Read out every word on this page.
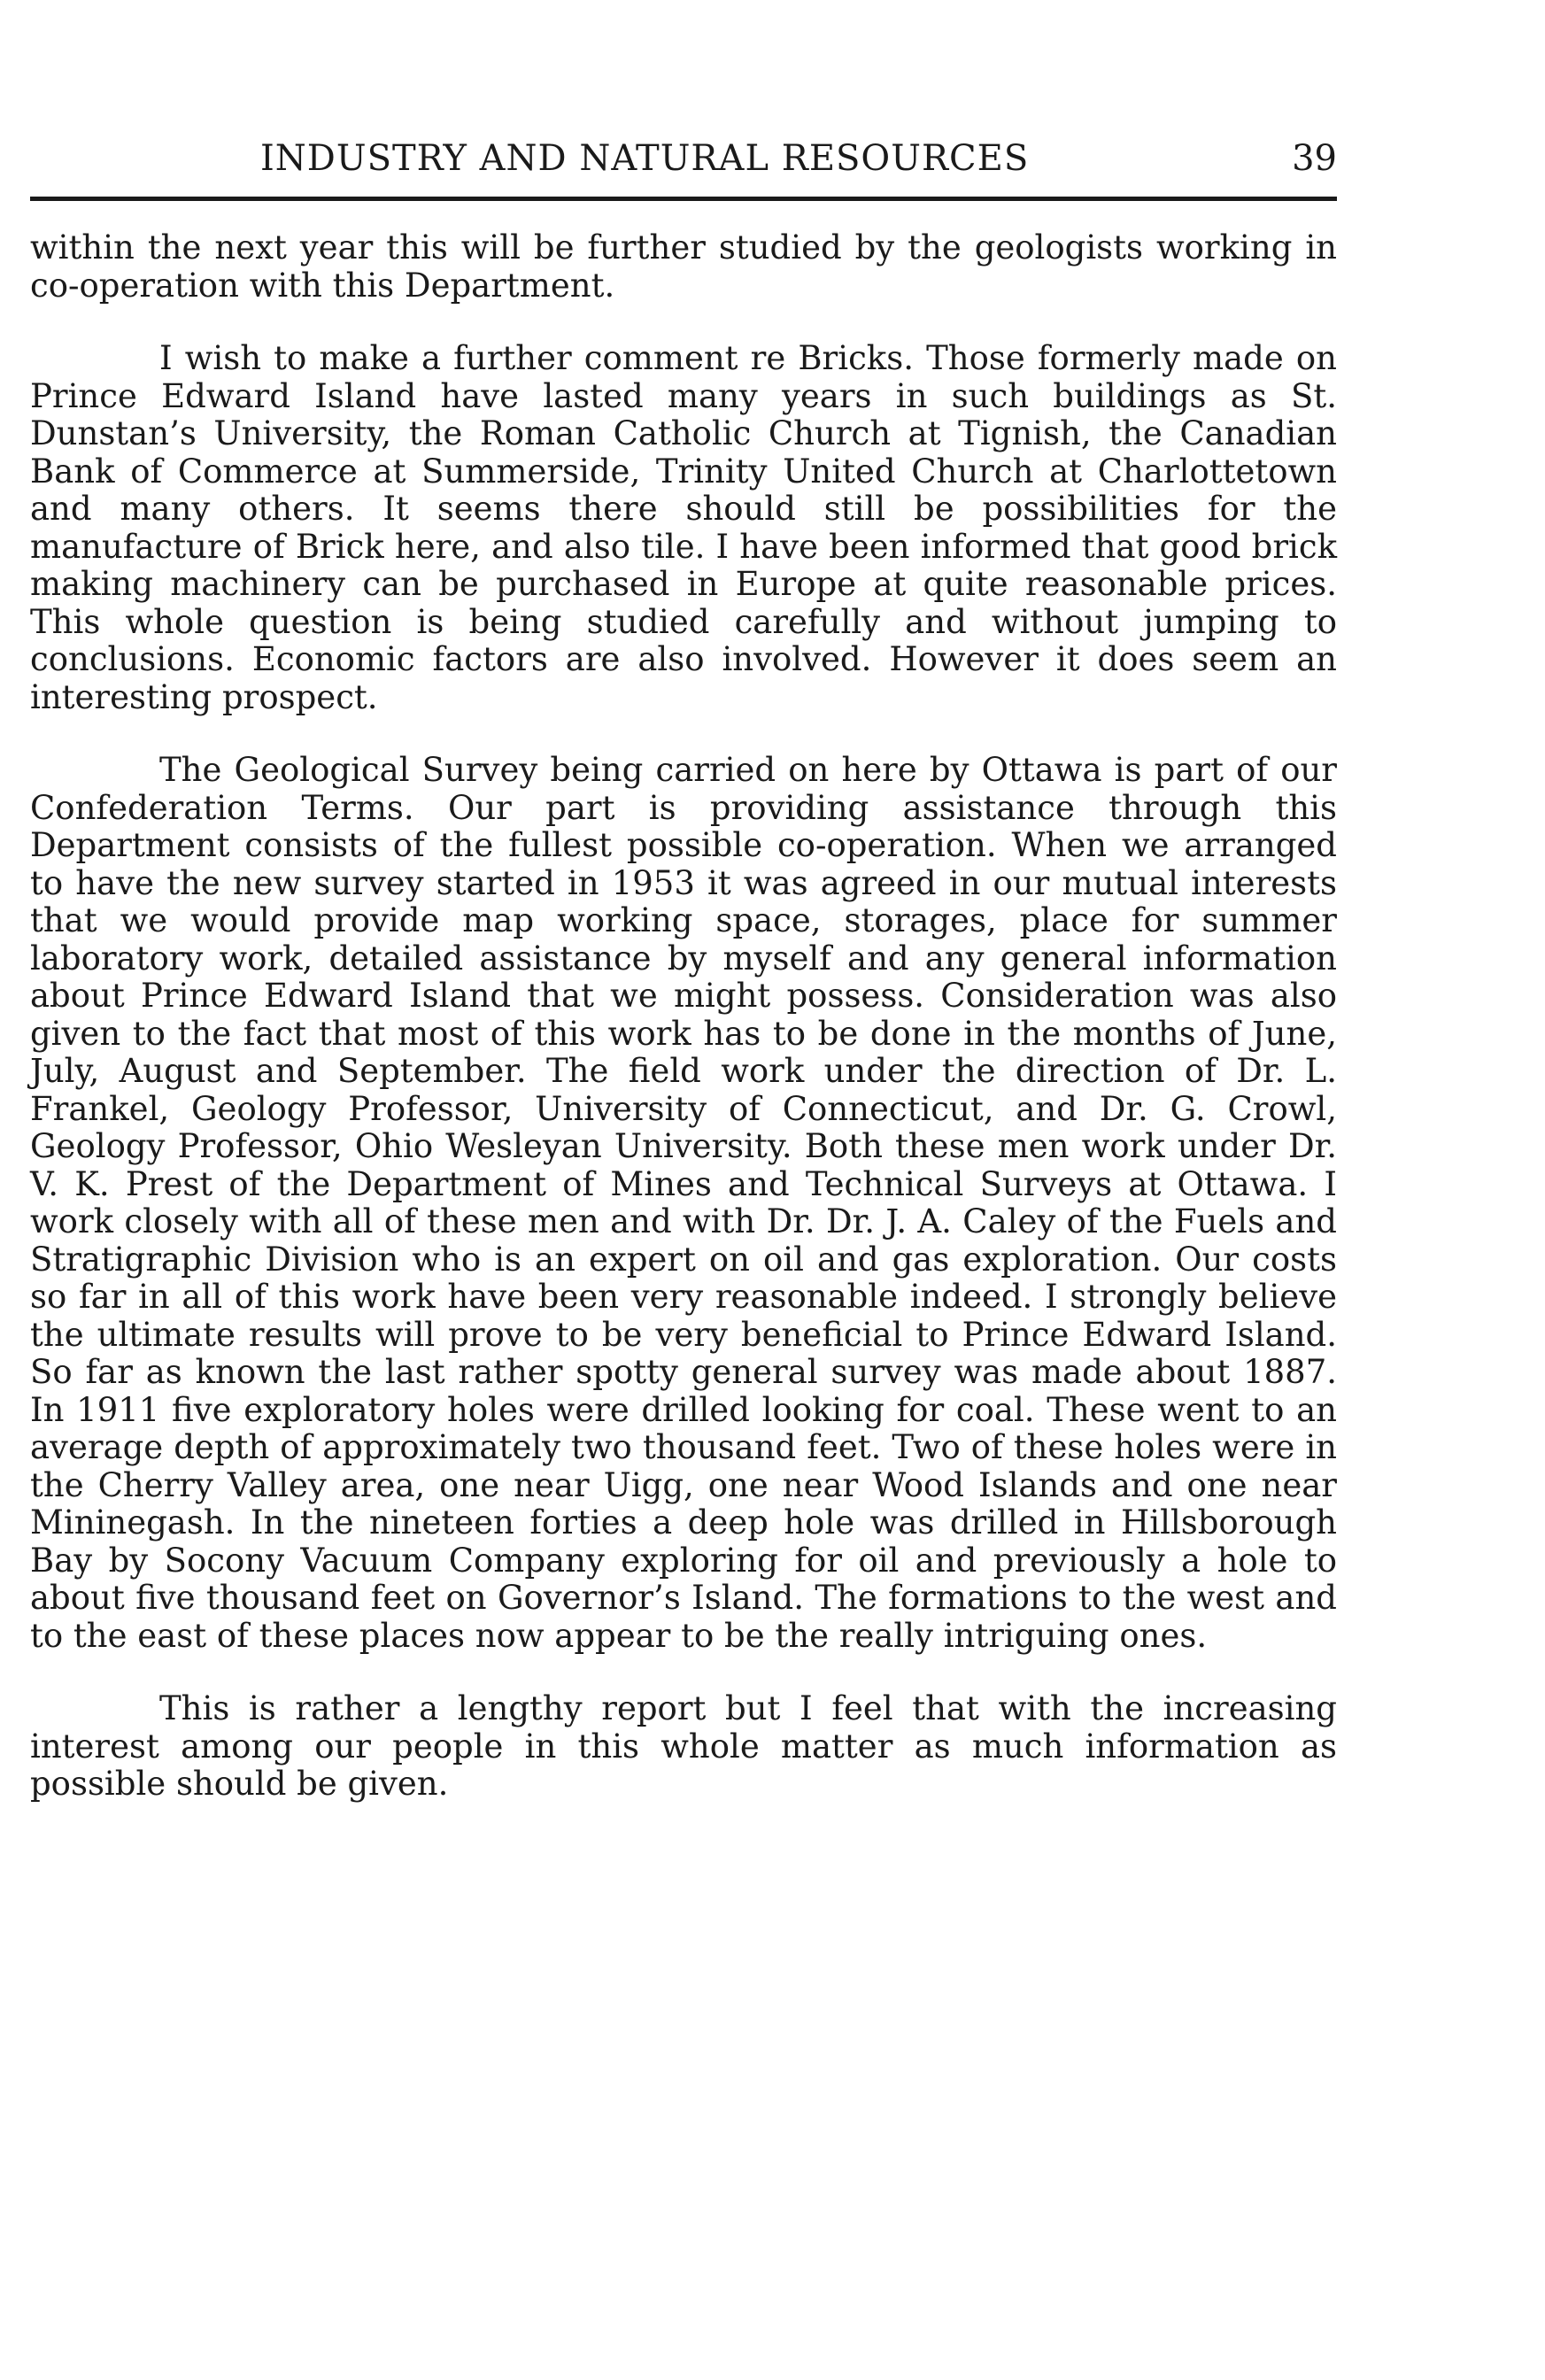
INDUSTRY AND NATURAL RESOURCES	39

within the next year this will be further studied by the geologists working in co-operation with this Department.

I wish to make a further comment re Bricks. Those formerly made on Prince Edward Island have lasted many years in such buildings as St. Dunstan’s University, the Roman Catholic Church at Tignish, the Canadian Bank of Commerce at Summerside, Trinity United Church at Charlottetown and many others. It seems there should still be possibilities for the manufacture of Brick here, and also tile. I have been informed that good brick making machinery can be purchased in Europe at quite reasonable prices. This whole question is being studied carefully and without jumping to conclusions. Economic factors are also involved. However it does seem an interesting prospect.

The Geological Survey being carried on here by Ottawa is part of our Confederation Terms. Our part is providing assistance through this Department consists of the fullest possible co-operation. When we arranged to have the new survey started in 1953 it was agreed in our mutual interests that we would provide map working space, storages, place for summer laboratory work, detailed assistance by myself and any general information about Prince Edward Island that we might possess. Consideration was also given to the fact that most of this work has to be done in the months of June, July, August and September. The field work under the direction of Dr. L. Frankel, Geology Professor, University of Connecticut, and Dr. G. Crowl, Geology Professor, Ohio Wesleyan University. Both these men work under Dr. V. K. Prest of the Department of Mines and Technical Surveys at Ottawa. I work closely with all of these men and with Dr. Dr. J. A. Caley of the Fuels and Stratigraphic Division who is an expert on oil and gas exploration. Our costs so far in all of this work have been very reasonable indeed. I strongly believe the ultimate results will prove to be very beneficial to Prince Edward Island. So far as known the last rather spotty general survey was made about 1887. In 1911 five exploratory holes were drilled looking for coal. These went to an average depth of approximately two thousand feet. Two of these holes were in the Cherry Valley area, one near Uigg, one near Wood Islands and one near Mininegash. In the nineteen forties a deep hole was drilled in Hillsborough Bay by Socony Vacuum Company exploring for oil and previously a hole to about five thousand feet on Governor’s Island. The formations to the west and to the east of these places now appear to be the really intriguing ones.

This is rather a lengthy report but I feel that with the increasing interest among our people in this whole matter as much information as possible should be given.
